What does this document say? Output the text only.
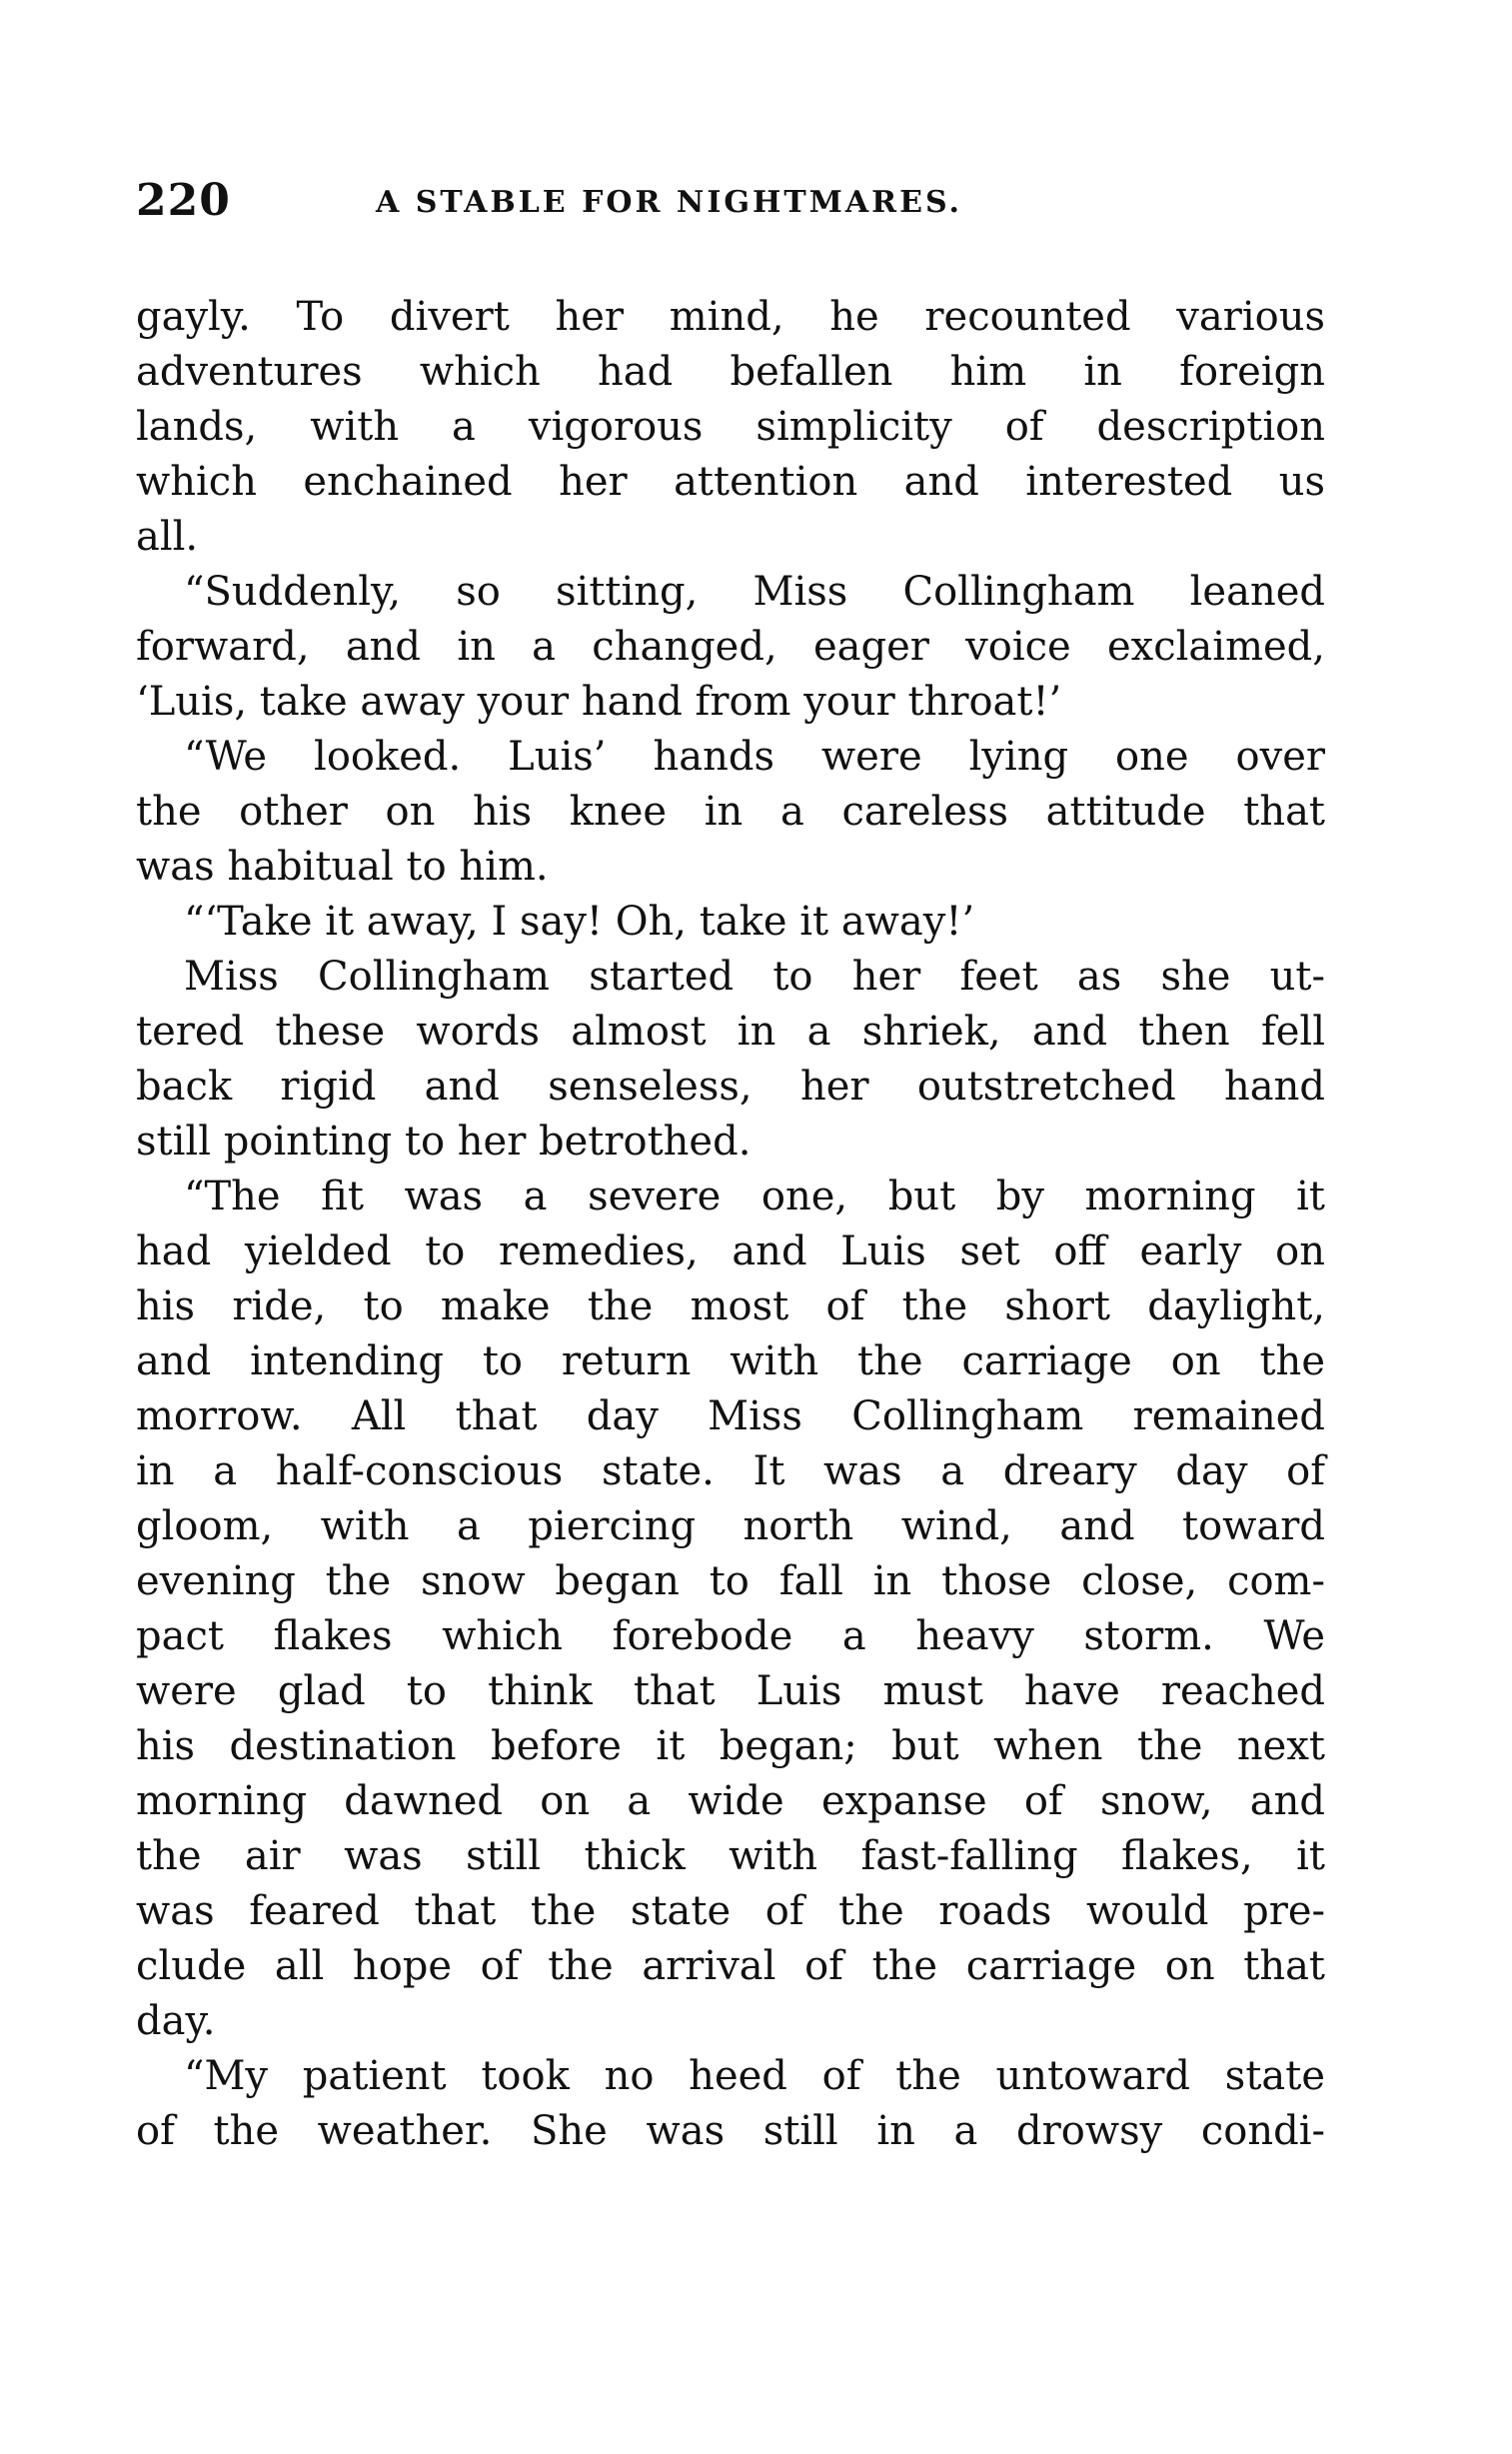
220	A STABLE FOR NIGHTMARES.
gayly. To divert her mind, he recounted various
adventures which had befallen him in foreign
lands, with a vigorous simplicity of description
which enchained her attention and interested us
all.
“Suddenly, so sitting, Miss Collingham leaned
forward, and in a changed, eager voice exclaimed,
‘Luis, take away your hand from your throat!’
“We looked. Luis’ hands were lying one over
the other on his knee in a careless attitude that
was habitual to him.
“‘Take it away, I say! Oh, take it away!’
Miss Collingham started to her feet as she ut-
tered these words almost in a shriek, and then fell
back rigid and senseless, her outstretched hand
still pointing to her betrothed.
“The fit was a severe one, but by morning it
had yielded to remedies, and Luis set off early on
his ride, to make the most of the short daylight,
and intending to return with the carriage on the
morrow. All that day Miss Collingham remained
in a half-conscious state. It was a dreary day of
gloom, with a piercing north wind, and toward
evening the snow began to fall in those close, com-
pact flakes which forebode a heavy storm. We
were glad to think that Luis must have reached
his destination before it began; but when the next
morning dawned on a wide expanse of snow, and
the air was still thick with fast-falling flakes, it
was feared that the state of the roads would pre-
clude all hope of the arrival of the carriage on that
day.
“My patient took no heed of the untoward state
of the weather. She was still in a drowsy condi-
